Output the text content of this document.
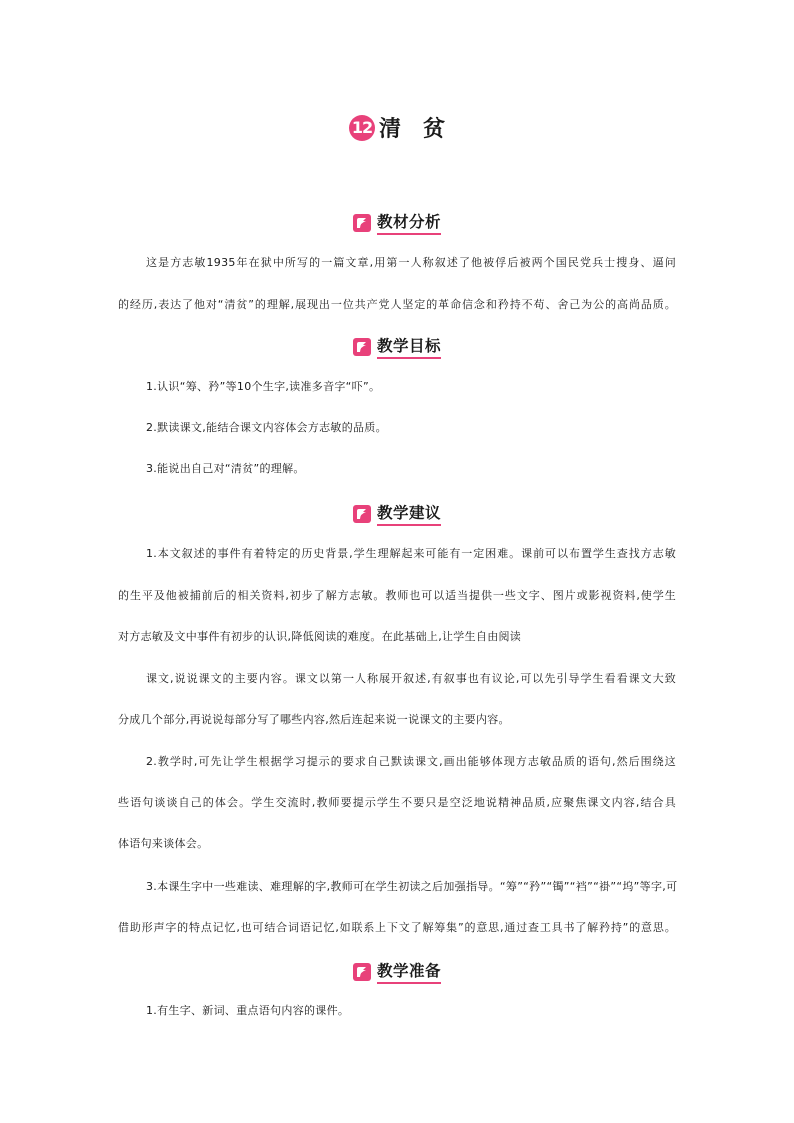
12 清贫
教材分析
这是方志敏1935年在狱中所写的一篇文章,用第一人称叙述了他被俘后被两个国民党兵士搜身、逼问
的经历,表达了他对“清贫”的理解,展现出一位共产党人坚定的革命信念和矜持不苟、舍己为公的高尚品质。
教学目标
1.认识“筹、矜”等10个生字,读准多音字“吓”。
2.默读课文,能结合课文内容体会方志敏的品质。
3.能说出自己对“清贫”的理解。
教学建议
1.本文叙述的事件有着特定的历史背景,学生理解起来可能有一定困难。课前可以布置学生查找方志敏
的生平及他被捕前后的相关资料,初步了解方志敏。教师也可以适当提供一些文字、图片或影视资料,使学生
对方志敏及文中事件有初步的认识,降低阅读的难度。在此基础上,让学生自由阅读
课文,说说课文的主要内容。课文以第一人称展开叙述,有叙事也有议论,可以先引导学生看看课文大致
分成几个部分,再说说每部分写了哪些内容,然后连起来说一说课文的主要内容。
2.教学时,可先让学生根据学习提示的要求自己默读课文,画出能够体现方志敏品质的语句,然后围绕这
些语句谈谈自己的体会。学生交流时,教师要提示学生不要只是空泛地说精神品质,应聚焦课文内容,结合具
体语句来谈体会。
3.本课生字中一些难读、难理解的字,教师可在学生初读之后加强指导。“筹”“矜”“镯”“裆”“褂”“坞”等字,可
借助形声字的特点记忆,也可结合词语记忆,如联系上下文了解筹集”的意思,通过查工具书了解矜持”的意思。
教学准备
1.有生字、新词、重点语句内容的课件。
